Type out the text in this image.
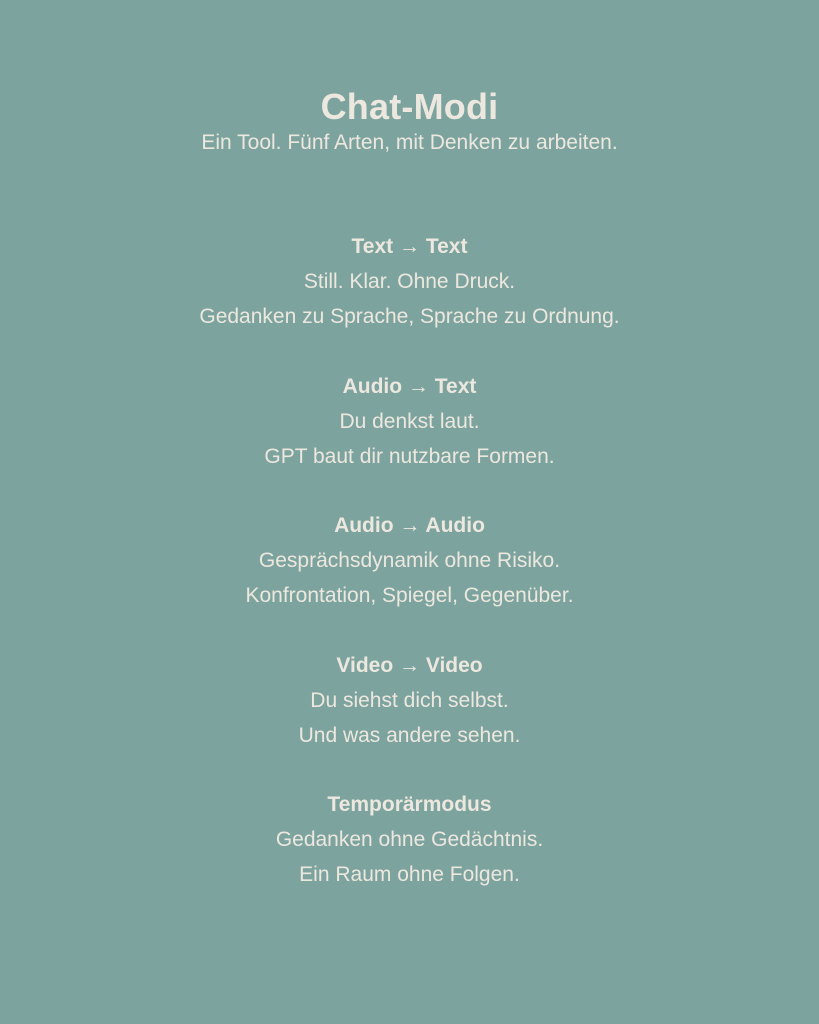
Chat-Modi

Ein Tool. Fünf Arten, mit Denken zu arbeiten.

Text → Text

Still. Klar. Ohne Druck.

Gedanken zu Sprache, Sprache zu Ordnung.

Audio → Text

Du denkst laut.

GPT baut dir nutzbare Formen.

Audio → Audio

Gesprächsdynamik ohne Risiko.

Konfrontation, Spiegel, Gegenüber.

Video → Video

Du siehst dich selbst.

Und was andere sehen.

Temporärmodus

Gedanken ohne Gedächtnis.

Ein Raum ohne Folgen.
